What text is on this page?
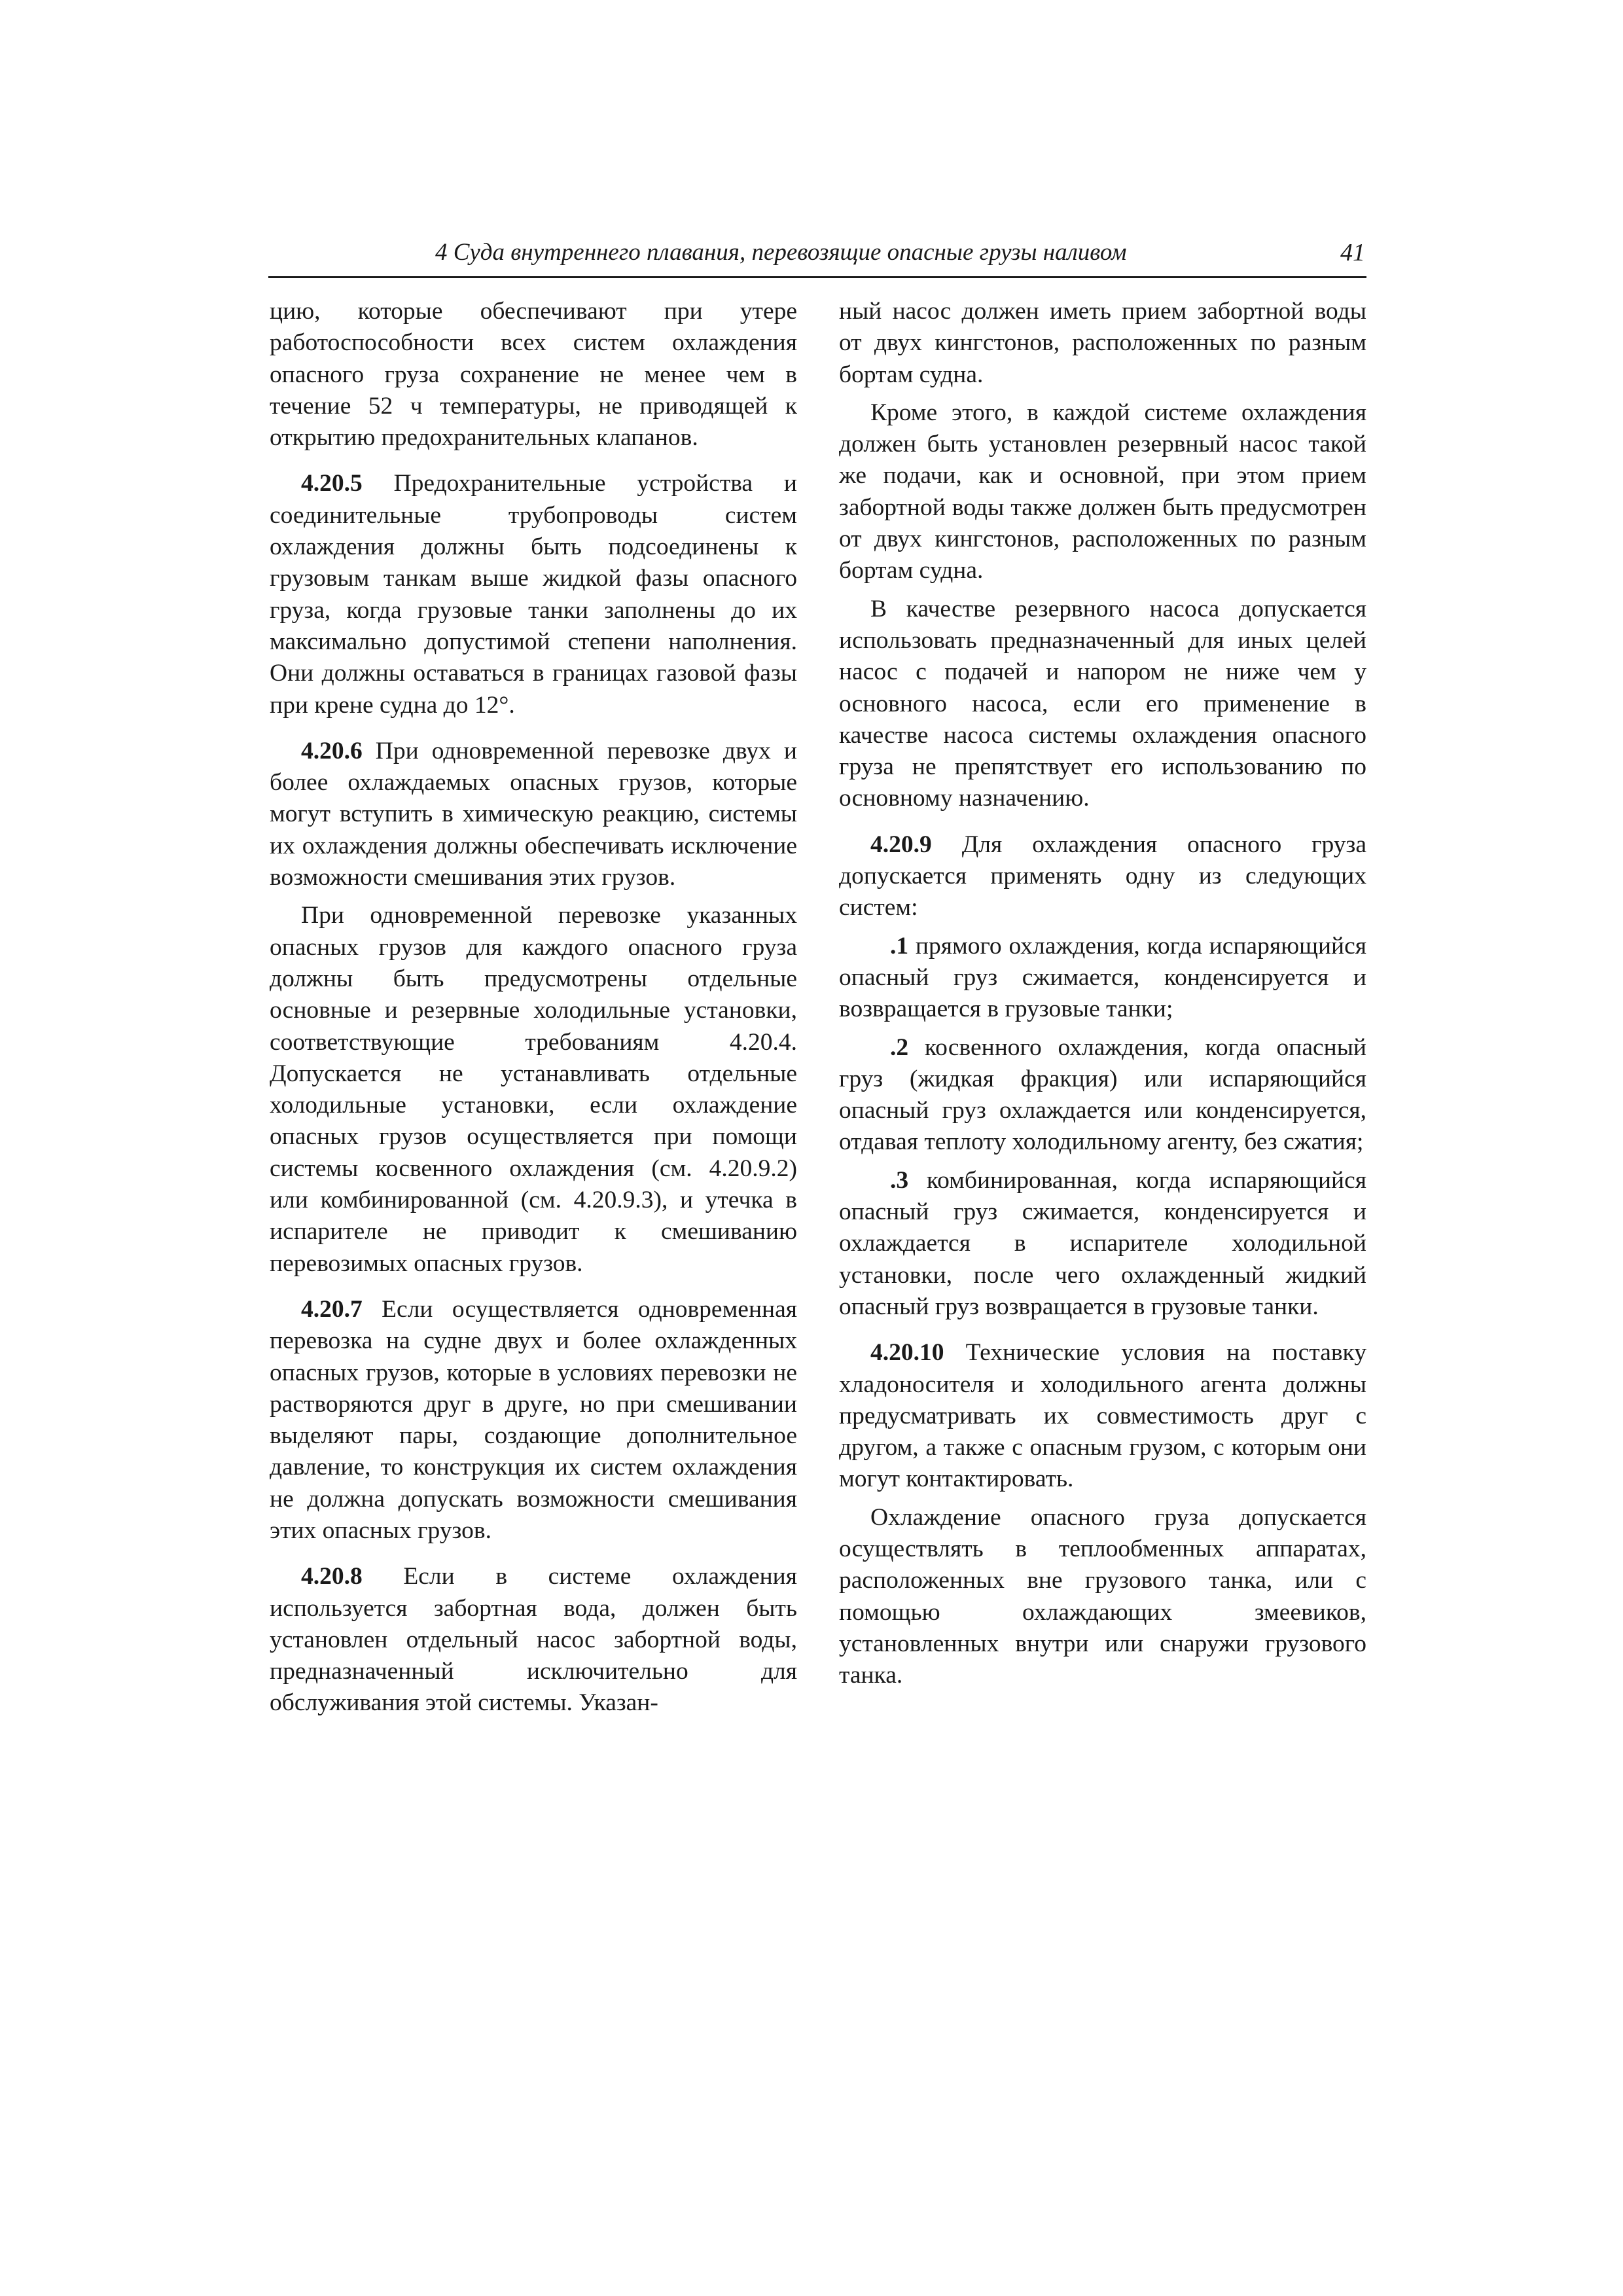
4 Суда внутреннего плавания, перевозящие опасные грузы наливом	41

цию, которые обеспечивают при утере работоспособности всех систем охлаждения опасного груза сохранение не менее чем в течение 52 ч температуры, не приводящей к открытию предохранительных клапанов.

4.20.5 Предохранительные устройства и соединительные трубопроводы систем охлаждения должны быть подсоединены к грузовым танкам выше жидкой фазы опасного груза, когда грузовые танки заполнены до их максимально допустимой степени наполнения. Они должны оставаться в границах газовой фазы при крене судна до 12°.

4.20.6 При одновременной перевозке двух и более охлаждаемых опасных грузов, которые могут вступить в химическую реакцию, системы их охлаждения должны обеспечивать исключение возможности смешивания этих грузов.

При одновременной перевозке указанных опасных грузов для каждого опасного груза должны быть предусмотрены отдельные основные и резервные холодильные установки, соответствующие требованиям 4.20.4. Допускается не устанавливать отдельные холодильные установки, если охлаждение опасных грузов осуществляется при помощи системы косвенного охлаждения (см. 4.20.9.2) или комбинированной (см. 4.20.9.3), и утечка в испарителе не приводит к смешиванию перевозимых опасных грузов.

4.20.7 Если осуществляется одновременная перевозка на судне двух и более охлажденных опасных грузов, которые в условиях перевозки не растворяются друг в друге, но при смешивании выделяют пары, создающие дополнительное давление, то конструкция их систем охлаждения не должна допускать возможности смешивания этих опасных грузов.

4.20.8 Если в системе охлаждения используется забортная вода, должен быть установлен отдельный насос забортной воды, предназначенный исключительно для обслуживания этой системы. Указан-

ный насос должен иметь прием забортной воды от двух кингстонов, расположенных по разным бортам судна.

Кроме этого, в каждой системе охлаждения должен быть установлен резервный насос такой же подачи, как и основной, при этом прием забортной воды также должен быть предусмотрен от двух кингстонов, расположенных по разным бортам судна.

В качестве резервного насоса допускается использовать предназначенный для иных целей насос с подачей и напором не ниже чем у основного насоса, если его применение в качестве насоса системы охлаждения опасного груза не препятствует его использованию по основному назначению.

4.20.9 Для охлаждения опасного груза допускается применять одну из следующих систем:

.1 прямого охлаждения, когда испаряющийся опасный груз сжимается, конденсируется и возвращается в грузовые танки;

.2 косвенного охлаждения, когда опасный груз (жидкая фракция) или испаряющийся опасный груз охлаждается или конденсируется, отдавая теплоту холодильному агенту, без сжатия;

.3 комбинированная, когда испаряющийся опасный груз сжимается, конденсируется и охлаждается в испарителе холодильной установки, после чего охлажденный жидкий опасный груз возвращается в грузовые танки.

4.20.10 Технические условия на поставку хладоносителя и холодильного агента должны предусматривать их совместимость друг с другом, а также с опасным грузом, с которым они могут контактировать.

Охлаждение опасного груза допускается осуществлять в теплообменных аппаратах, расположенных вне грузового танка, или с помощью охлаждающих змеевиков, установленных внутри или снаружи грузового танка.
